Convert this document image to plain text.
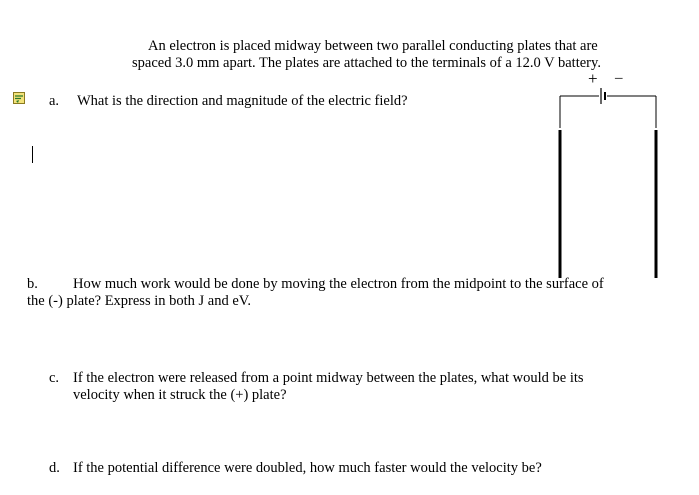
An electron is placed midway between two parallel conducting plates that are
spaced 3.0 mm apart. The plates are attached to the terminals of a 12.0 V battery.
a. What is the direction and magnitude of the electric field?
+ –
b. How much work would be done by moving the electron from the midpoint to the surface of
the (-) plate? Express in both J and eV.
c. If the electron were released from a point midway between the plates, what would be its
velocity when it struck the (+) plate?
d. If the potential difference were doubled, how much faster would the velocity be?
